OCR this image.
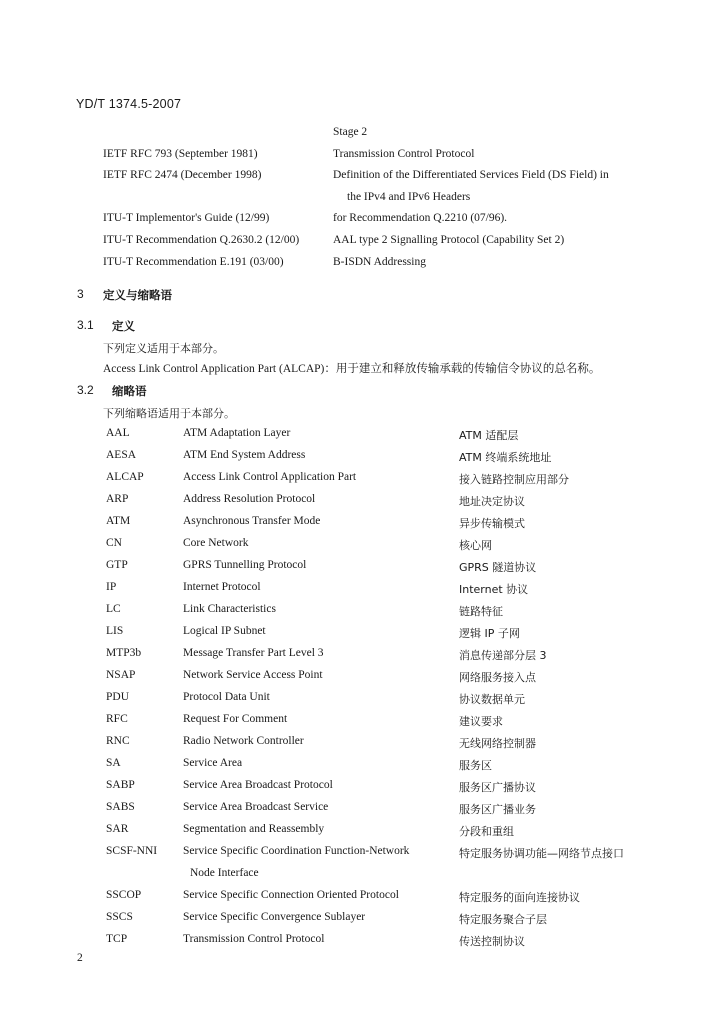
YD/T 1374.5-2007
Stage 2
IETF RFC 793 (September 1981)	Transmission Control Protocol
IETF RFC 2474 (December 1998)	Definition of the Differentiated Services Field (DS Field) in
the IPv4 and IPv6 Headers
ITU-T Implementor's Guide (12/99)	for Recommendation Q.2210 (07/96).
ITU-T Recommendation Q.2630.2 (12/00)	AAL type 2 Signalling Protocol (Capability Set 2)
ITU-T Recommendation E.191 (03/00)	B-ISDN Addressing
3 定义与缩略语
3.1 定义
下列定义适用于本部分。
Access Link Control Application Part (ALCAP)：用于建立和释放传输承载的传输信令协议的总名称。
3.2 缩略语
下列缩略语适用于本部分。
AAL	ATM Adaptation Layer	ATM 适配层
AESA	ATM End System Address	ATM 终端系统地址
ALCAP	Access Link Control Application Part	接入链路控制应用部分
ARP	Address Resolution Protocol	地址决定协议
ATM	Asynchronous Transfer Mode	异步传输模式
CN	Core Network	核心网
GTP	GPRS Tunnelling Protocol	GPRS 隧道协议
IP	Internet Protocol	Internet 协议
LC	Link Characteristics	链路特征
LIS	Logical IP Subnet	逻辑 IP 子网
MTP3b	Message Transfer Part Level 3	消息传递部分层 3
NSAP	Network Service Access Point	网络服务接入点
PDU	Protocol Data Unit	协议数据单元
RFC	Request For Comment	建议要求
RNC	Radio Network Controller	无线网络控制器
SA	Service Area	服务区
SABP	Service Area Broadcast Protocol	服务区广播协议
SABS	Service Area Broadcast Service	服务区广播业务
SAR	Segmentation and Reassembly	分段和重组
SCSF-NNI Service Specific Coordination Function-Network	特定服务协调功能—网络节点接口
Node Interface
SSCOP	Service Specific Connection Oriented Protocol	特定服务的面向连接协议
SSCS	Service Specific Convergence Sublayer	特定服务聚合子层
TCP	Transmission Control Protocol	传送控制协议
2
